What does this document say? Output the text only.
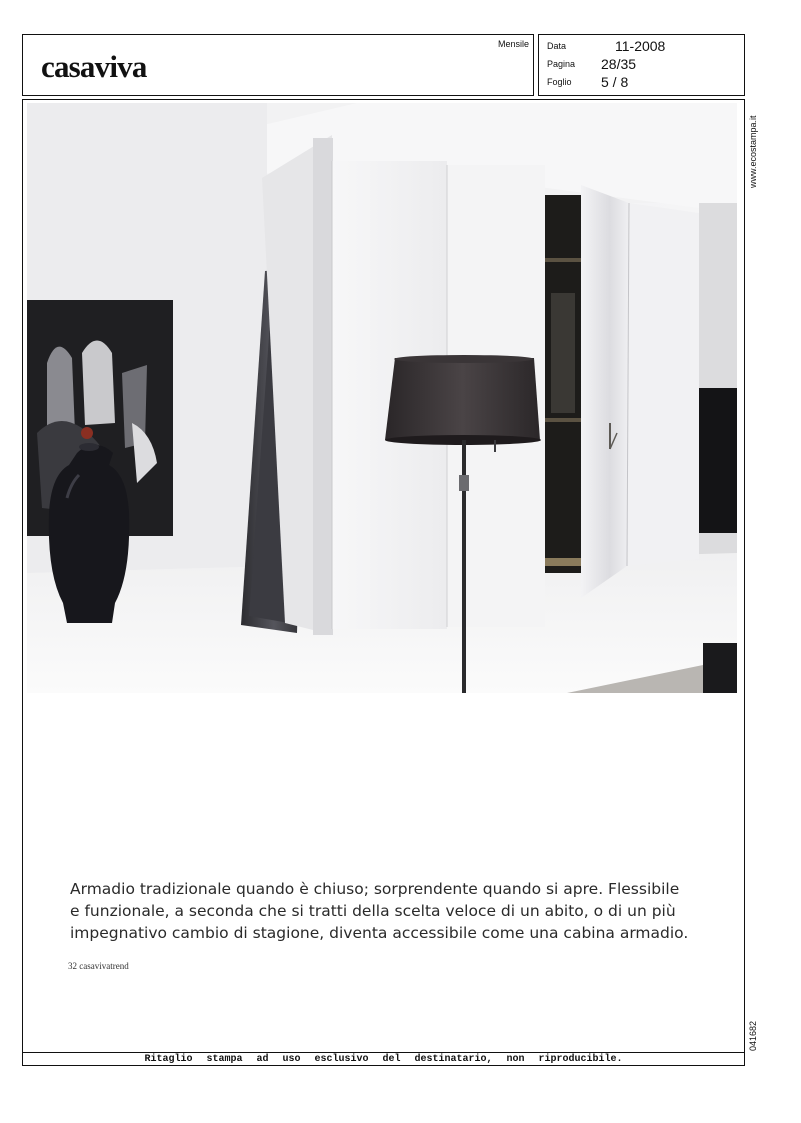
casaviva
Mensile Data	11-2008
Pagina	28/35
Foglio	5 / 8
www.ecostampa.it
041682

Armadio tradizionale quando è chiuso; sorprendente quando si apre. Flessibile

e funzionale, a seconda che si tratti della scelta veloce di un abito, o di un più

impegnativo cambio di stagione, diventa accessibile come una cabina armadio.

32 casavivatrend
Ritaglio stampa ad uso esclusivo del destinatario, non riproducibile.
